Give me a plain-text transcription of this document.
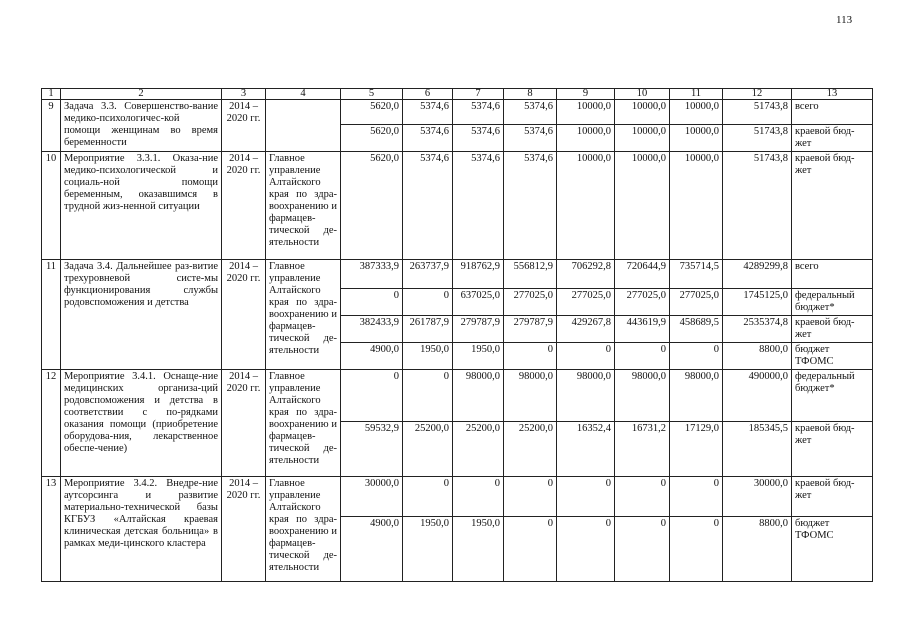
113
1	2	3	4	5	6	7	8	9	10	11	12	13
9	Задача 3.3. Совершенство-вание медико-психологичес-кой помощи женщинам во время беременности	2014 – 2020 гг.		5620,0	5374,6	5374,6	5374,6	10000,0	10000,0	10000,0	51743,8	всего
				5620,0	5374,6	5374,6	5374,6	10000,0	10000,0	10000,0	51743,8	краевой бюд-жет
10	Мероприятие 3.3.1. Оказа-ние медико-психологической и социаль-ной помощи беременным, оказавшимся в трудной жиз-ненной ситуации	2014 – 2020 гг.	Главное управление Алтайского края по здра-воохранению и фармацев-тической де-ятельности	5620,0	5374,6	5374,6	5374,6	10000,0	10000,0	10000,0	51743,8	краевой бюд-жет
11	Задача 3.4. Дальнейшее раз-витие трехуровневой систе-мы функционирования службы родовспоможения и детства	2014 – 2020 гг.	Главное управление Алтайского края по здра-воохранению и фармацев-тической де-ятельности	387333,9	263737,9	918762,9	556812,9	706292,8	720644,9	735714,5	4289299,8	всего
				0	0	637025,0	277025,0	277025,0	277025,0	277025,0	1745125,0	федеральный бюджет*
				382433,9	261787,9	279787,9	279787,9	429267,8	443619,9	458689,5	2535374,8	краевой бюд-жет
				4900,0	1950,0	1950,0	0	0	0	0	8800,0	бюджет ТФОМС
12	Мероприятие 3.4.1. Оснаще-ние медицинских организа-ций родовспоможения и детства в соответствии с по-рядками оказания помощи (приобретение оборудова-ния, лекарственное обеспе-чение)	2014 – 2020 гг.	Главное управление Алтайского края по здра-воохранению и фармацев-тической де-ятельности	0	0	98000,0	98000,0	98000,0	98000,0	98000,0	490000,0	федеральный бюджет*
				59532,9	25200,0	25200,0	25200,0	16352,4	16731,2	17129,0	185345,5	краевой бюд-жет
13	Мероприятие 3.4.2. Внедре-ние аутсорсинга и развитие материально-технической базы КГБУЗ «Алтайская краевая клиническая детская больница» в рамках меди-цинского кластера	2014 – 2020 гг.	Главное управление Алтайского края по здра-воохранению и фармацев-тической де-ятельности	30000,0	0	0	0	0	0	0	30000,0	краевой бюд-жет
				4900,0	1950,0	1950,0	0	0	0	0	8800,0	бюджет ТФОМС
